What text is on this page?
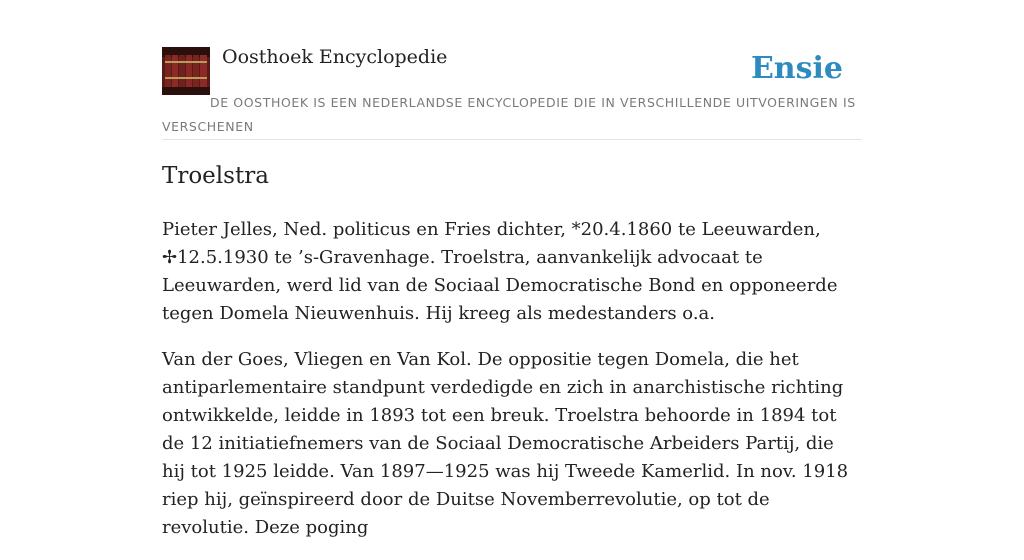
Oosthoek Encyclopedie	Ensie
DE OOSTHOEK IS EEN NEDERLANDSE ENCYCLOPEDIE DIE IN VERSCHILLENDE UITVOERINGEN IS VERSCHENEN
Troelstra

Pieter Jelles, Ned. politicus en Fries dichter, *20.4.1860 te Leeuwarden, ✢12.5.1930 te ’s-Gravenhage. Troelstra, aanvankelijk advocaat te Leeuwarden, werd lid van de Sociaal Democratische Bond en opponeerde tegen Domela Nieuwenhuis. Hij kreeg als medestanders o.a.

Van der Goes, Vliegen en Van Kol. De oppositie tegen Domela, die het antiparlementaire standpunt verdedigde en zich in anarchistische richting ontwikkelde, leidde in 1893 tot een breuk. Troelstra behoorde in 1894 tot de 12 initiatiefnemers van de Sociaal Democratische Arbeiders Partij, die hij tot 1925 leidde. Van 1897—1925 was hij Tweede Kamerlid. In nov. 1918 riep hij, geïnspireerd door de Duitse Novemberrevolutie, op tot de revolutie. Deze poging
